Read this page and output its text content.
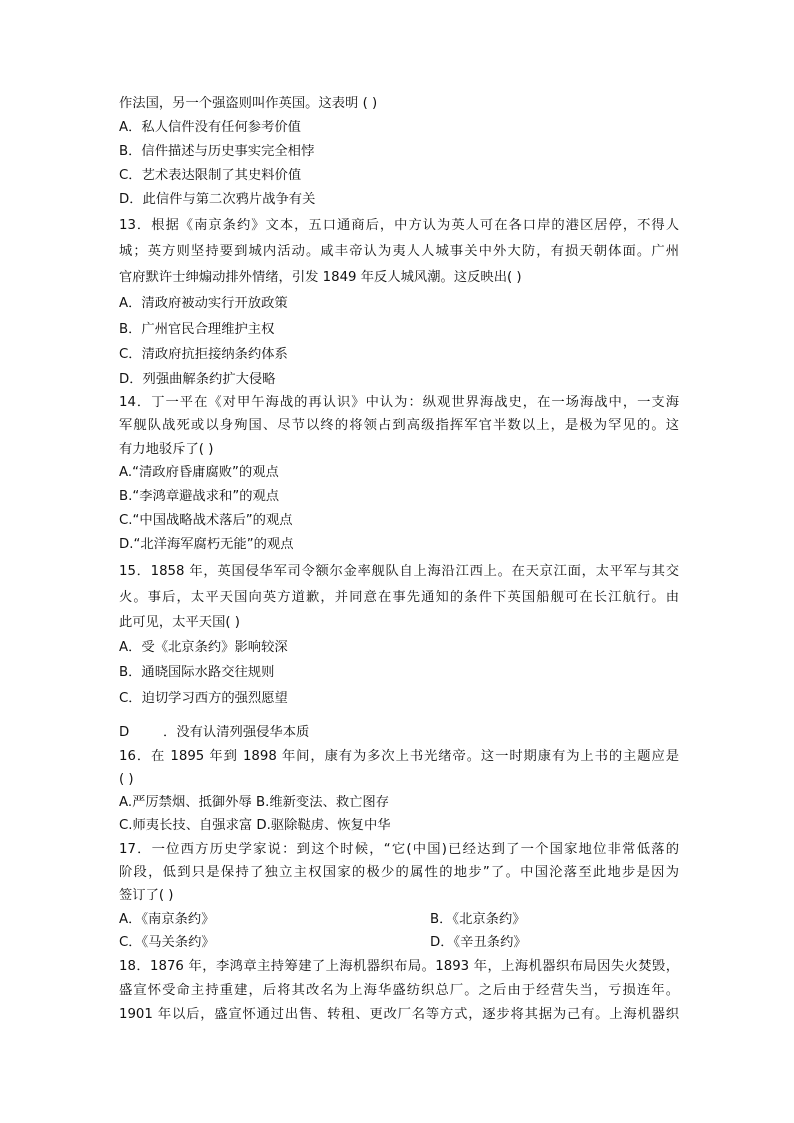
作法国，另一个强盗则叫作英国。这表明 ( )
A．私人信件没有任何参考价值
B．信件描述与历史事实完全相悖
C．艺术表达限制了其史料价值
D．此信件与第二次鸦片战争有关
13．根据《南京条约》文本，五口通商后，中方认为英人可在各口岸的港区居停，不得人
城；英方则坚持要到城内活动。咸丰帝认为夷人人城事关中外大防，有损天朝体面。广州
官府默许士绅煽动排外情绪，引发 1849 年反人城风潮。这反映出( )
A．清政府被动实行开放政策
B．广州官民合理维护主权
C．清政府抗拒接纳条约体系
D．列强曲解条约扩大侵略
14．丁一平在《对甲午海战的再认识》中认为：纵观世界海战史，在一场海战中，一支海
军舰队战死或以身殉国、尽节以终的将领占到高级指挥军官半数以上，是极为罕见的。这
有力地驳斥了( )
A.“清政府昏庸腐败”的观点
B.“李鸿章避战求和”的观点
C.“中国战略战术落后”的观点
D.“北洋海军腐朽无能”的观点
15．1858 年，英国侵华军司令额尔金率舰队自上海沿江西上。在天京江面，太平军与其交
火。事后，太平天国向英方道歉，并同意在事先通知的条件下英国船舰可在长江航行。由
此可见，太平天国( )
A．受《北京条约》影响较深
B．通晓国际水路交往规则
C．迫切学习西方的强烈愿望
D        ．没有认清列强侵华本质
16．在 1895 年到 1898 年间，康有为多次上书光绪帝。这一时期康有为上书的主题应是
( )
A.严厉禁烟、抵御外辱 B.维新变法、救亡图存
C.师夷长技、自强求富 D.驱除鞑虏、恢复中华
17．一位西方历史学家说：到这个时候，“它(中国)已经达到了一个国家地位非常低落的
阶段，低到只是保持了独立主权国家的极少的属性的地步”了。中国沦落至此地步是因为
签订了( )
A．《南京条约》	B．《北京条约》
C．《马关条约》	D．《辛丑条约》
18．1876 年，李鸿章主持筹建了上海机器织布局。1893 年，上海机器织布局因失火焚毁，
盛宣怀受命主持重建，后将其改名为上海华盛纺织总厂。之后由于经营失当，亏损连年。
1901 年以后，盛宣怀通过出售、转租、更改厂名等方式，逐步将其据为己有。上海机器织
